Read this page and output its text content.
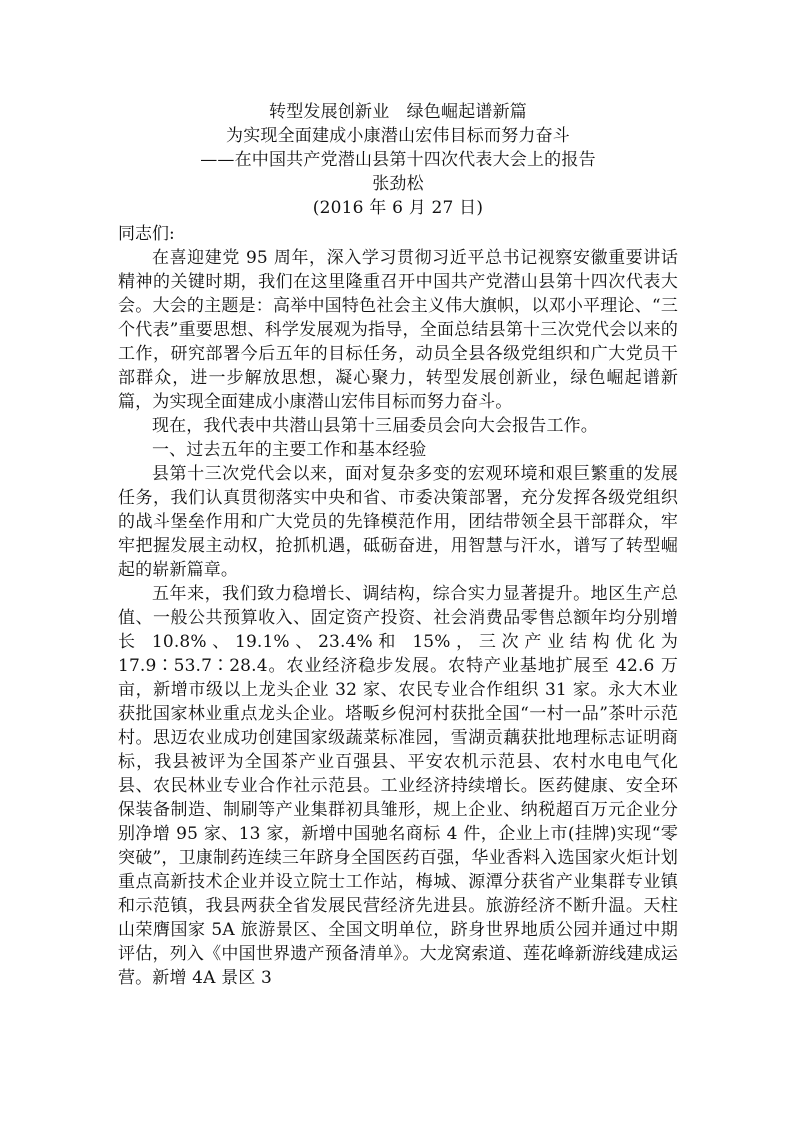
转型发展创新业　绿色崛起谱新篇
为实现全面建成小康潜山宏伟目标而努力奋斗
——在中国共产党潜山县第十四次代表大会上的报告
张劲松
(2016 年 6 月 27 日)

同志们:

在喜迎建党 95 周年，深入学习贯彻习近平总书记视察安徽重要讲话精神的关键时期，我们在这里隆重召开中国共产党潜山县第十四次代表大会。大会的主题是：高举中国特色社会主义伟大旗帜，以邓小平理论、“三个代表”重要思想、科学发展观为指导，全面总结县第十三次党代会以来的工作，研究部署今后五年的目标任务，动员全县各级党组织和广大党员干部群众，进一步解放思想，凝心聚力，转型发展创新业，绿色崛起谱新篇，为实现全面建成小康潜山宏伟目标而努力奋斗。

现在，我代表中共潜山县第十三届委员会向大会报告工作。

一、过去五年的主要工作和基本经验

县第十三次党代会以来，面对复杂多变的宏观环境和艰巨繁重的发展任务，我们认真贯彻落实中央和省、市委决策部署，充分发挥各级党组织的战斗堡垒作用和广大党员的先锋模范作用，团结带领全县干部群众，牢牢把握发展主动权，抢抓机遇，砥砺奋进，用智慧与汗水，谱写了转型崛起的崭新篇章。

五年来，我们致力稳增长、调结构，综合实力显著提升。地区生产总值、一般公共预算收入、固定资产投资、社会消费品零售总额年均分别增长 10.8%、19.1%、23.4%和 15%，三次产业结构优化为 17.9∶53.7∶28.4。农业经济稳步发展。农特产业基地扩展至 42.6 万亩，新增市级以上龙头企业 32 家、农民专业合作组织 31 家。永大木业获批国家林业重点龙头企业。塔畈乡倪河村获批全国“一村一品”茶叶示范村。思迈农业成功创建国家级蔬菜标准园，雪湖贡藕获批地理标志证明商标，我县被评为全国茶产业百强县、平安农机示范县、农村水电电气化县、农民林业专业合作社示范县。工业经济持续增长。医药健康、安全环保装备制造、制刷等产业集群初具雏形，规上企业、纳税超百万元企业分别净增 95 家、13 家，新增中国驰名商标 4 件，企业上市(挂牌)实现“零突破”，卫康制药连续三年跻身全国医药百强，华业香料入选国家火炬计划重点高新技术企业并设立院士工作站，梅城、源潭分获省产业集群专业镇和示范镇，我县两获全省发展民营经济先进县。旅游经济不断升温。天柱山荣膺国家 5A 旅游景区、全国文明单位，跻身世界地质公园并通过中期评估，列入《中国世界遗产预备清单》。大龙窝索道、莲花峰新游线建成运营。新增 4A 景区 3
